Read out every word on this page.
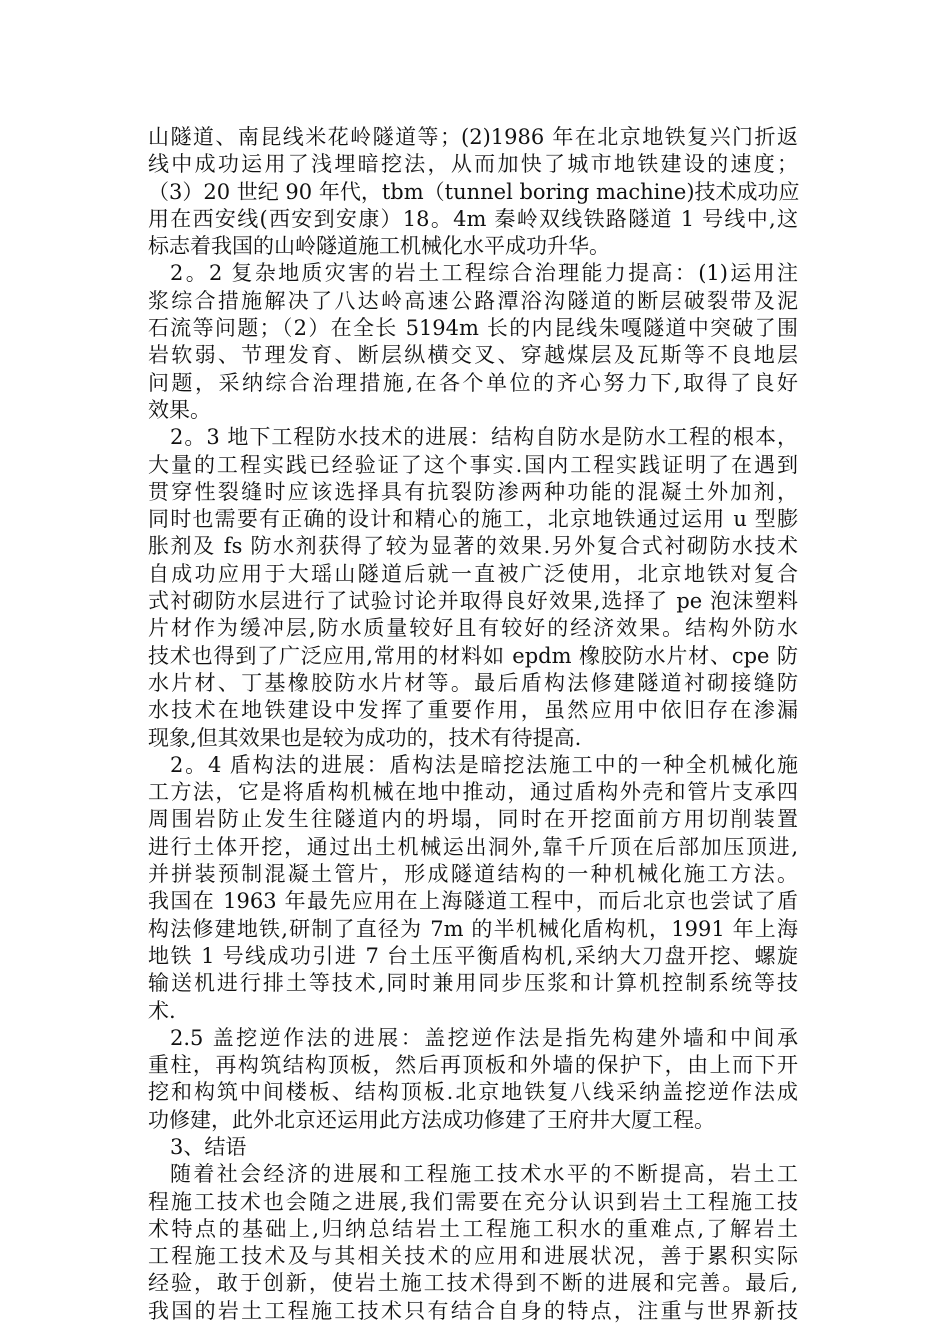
山隧道、南昆线米花岭隧道等；(2)1986 年在北京地铁复兴门折返
线中成功运用了浅埋暗挖法，从而加快了城市地铁建设的速度；
（3）20 世纪 90 年代，tbm（tunnel boring machine)技术成功应
用在西安线(西安到安康）18。4m 秦岭双线铁路隧道 1 号线中,这
标志着我国的山岭隧道施工机械化水平成功升华。
2。2 复杂地质灾害的岩土工程综合治理能力提高：(1)运用注
浆综合措施解决了八达岭高速公路潭浴沟隧道的断层破裂带及泥
石流等问题；（2）在全长 5194m 长的内昆线朱嘎隧道中突破了围
岩软弱、节理发育、断层纵横交叉、穿越煤层及瓦斯等不良地层
问题，采纳综合治理措施,在各个单位的齐心努力下,取得了良好
效果。
2。3 地下工程防水技术的进展：结构自防水是防水工程的根本，
大量的工程实践已经验证了这个事实.国内工程实践证明了在遇到
贯穿性裂缝时应该选择具有抗裂防渗两种功能的混凝土外加剂，
同时也需要有正确的设计和精心的施工，北京地铁通过运用 u 型膨
胀剂及 fs 防水剂获得了较为显著的效果.另外复合式衬砌防水技术
自成功应用于大瑶山隧道后就一直被广泛使用，北京地铁对复合
式衬砌防水层进行了试验讨论并取得良好效果,选择了 pe 泡沫塑料
片材作为缓冲层,防水质量较好且有较好的经济效果。结构外防水
技术也得到了广泛应用,常用的材料如 epdm 橡胶防水片材、cpe 防
水片材、丁基橡胶防水片材等。最后盾构法修建隧道衬砌接缝防
水技术在地铁建设中发挥了重要作用，虽然应用中依旧存在渗漏
现象,但其效果也是较为成功的，技术有待提高.
2。4 盾构法的进展：盾构法是暗挖法施工中的一种全机械化施
工方法，它是将盾构机械在地中推动，通过盾构外壳和管片支承四
周围岩防止发生往隧道内的坍塌，同时在开挖面前方用切削装置
进行土体开挖，通过出土机械运出洞外,靠千斤顶在后部加压顶进,
并拼装预制混凝土管片，形成隧道结构的一种机械化施工方法。
我国在 1963 年最先应用在上海隧道工程中，而后北京也尝试了盾
构法修建地铁,研制了直径为 7m 的半机械化盾构机，1991 年上海
地铁 1 号线成功引进 7 台土压平衡盾构机,采纳大刀盘开挖、螺旋
输送机进行排土等技术,同时兼用同步压浆和计算机控制系统等技
术.
2.5 盖挖逆作法的进展：盖挖逆作法是指先构建外墙和中间承
重柱，再构筑结构顶板，然后再顶板和外墙的保护下，由上而下开
挖和构筑中间楼板、结构顶板.北京地铁复八线采纳盖挖逆作法成
功修建，此外北京还运用此方法成功修建了王府井大厦工程。
3、结语
随着社会经济的进展和工程施工技术水平的不断提高，岩土工
程施工技术也会随之进展,我们需要在充分认识到岩土工程施工技
术特点的基础上,归纳总结岩土工程施工积水的重难点,了解岩土
工程施工技术及与其相关技术的应用和进展状况，善于累积实际
经验，敢于创新，使岩土施工技术得到不断的进展和完善。最后,
我国的岩土工程施工技术只有结合自身的特点，注重与世界新技
